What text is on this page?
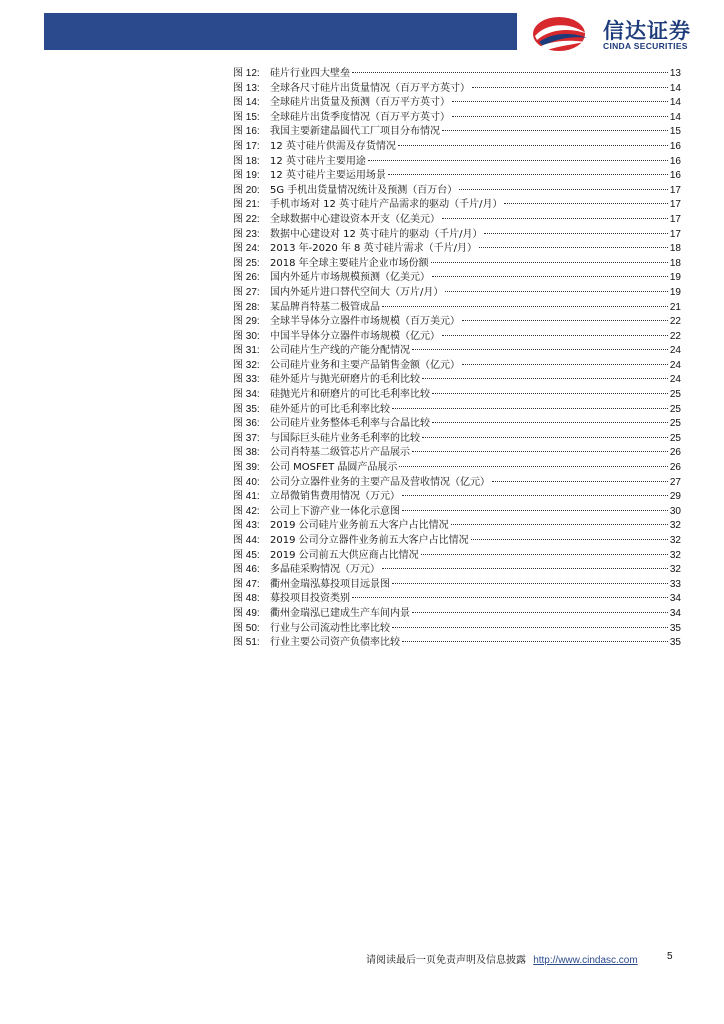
信达证券
CINDA SECURITIES
图 12:	硅片行业四大壁垒	13
图 13:	全球各尺寸硅片出货量情况（百万平方英寸）	14
图 14:	全球硅片出货量及预测（百万平方英寸）	14
图 15:	全球硅片出货季度情况（百万平方英寸）	14
图 16:	我国主要新建晶圆代工厂项目分布情况	15
图 17:	12 英寸硅片供需及存货情况	16
图 18:	12 英寸硅片主要用途	16
图 19:	12 英寸硅片主要运用场景	16
图 20:	5G 手机出货量情况统计及预测（百万台）	17
图 21:	手机市场对 12 英寸硅片产品需求的驱动（千片/月）	17
图 22:	全球数据中心建设资本开支（亿美元）	17
图 23:	数据中心建设对 12 英寸硅片的驱动（千片/月）	17
图 24:	2013 年-2020 年 8 英寸硅片需求（千片/月）	18
图 25:	2018 年全球主要硅片企业市场份额	18
图 26:	国内外延片市场规模预测（亿美元）	19
图 27:	国内外延片进口替代空间大（万片/月）	19
图 28:	某品牌肖特基二极管成品	21
图 29:	全球半导体分立器件市场规模（百万美元）	22
图 30:	中国半导体分立器件市场规模（亿元）	22
图 31:	公司硅片生产线的产能分配情况	24
图 32:	公司硅片业务和主要产品销售金额（亿元）	24
图 33:	硅外延片与抛光研磨片的毛利比较	24
图 34:	硅抛光片和研磨片的可比毛利率比较	25
图 35:	硅外延片的可比毛利率比较	25
图 36:	公司硅片业务整体毛利率与合晶比较	25
图 37:	与国际巨头硅片业务毛利率的比较	25
图 38:	公司肖特基二级管芯片产品展示	26
图 39:	公司 MOSFET 晶圆产品展示	26
图 40:	公司分立器件业务的主要产品及营收情况（亿元）	27
图 41:	立昂微销售费用情况（万元）	29
图 42:	公司上下游产业一体化示意图	30
图 43:	2019 公司硅片业务前五大客户占比情况	32
图 44:	2019 公司分立器件业务前五大客户占比情况	32
图 45:	2019 公司前五大供应商占比情况	32
图 46:	多晶硅采购情况（万元）	32
图 47:	衢州金瑞泓募投项目远景图	33
图 48:	募投项目投资类别	34
图 49:	衢州金瑞泓已建成生产车间内景	34
图 50:	行业与公司流动性比率比较	35
图 51:	行业主要公司资产负债率比较	35
请阅读最后一页免责声明及信息披露 http://www.cindasc.com	5
